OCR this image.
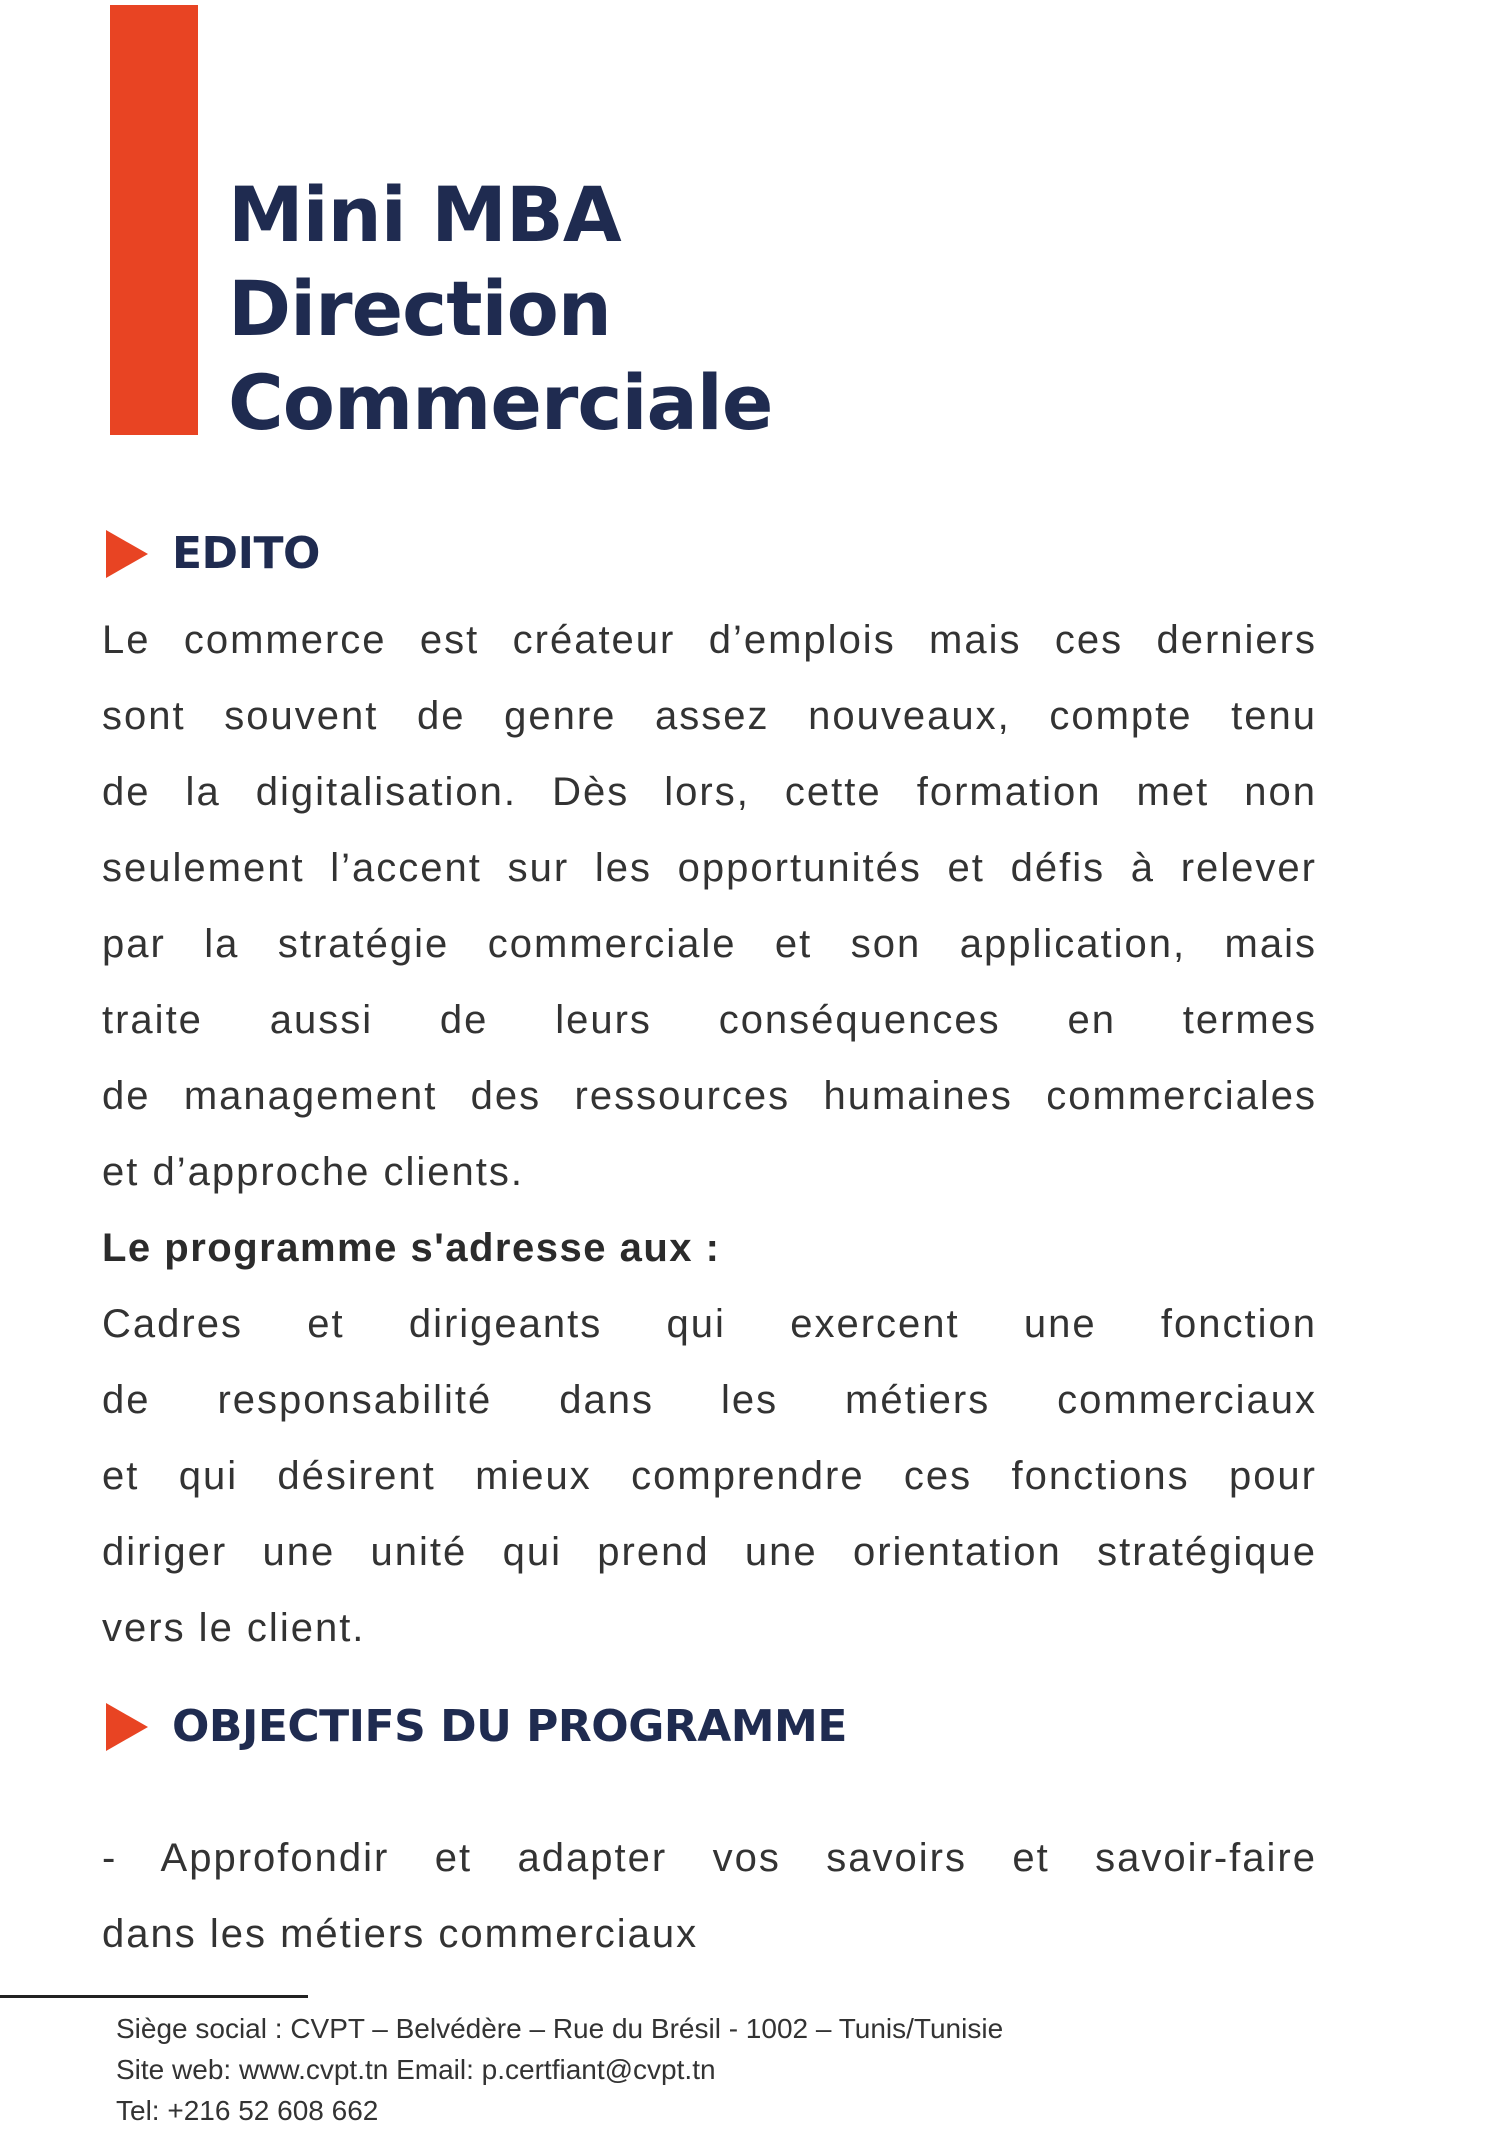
Mini MBA
Direction
Commerciale
EDITO
Le commerce est créateur d’emplois mais ces derniers
sont souvent de genre assez nouveaux, compte tenu
de la digitalisation. Dès lors, cette formation met non
seulement l’accent sur les opportunités et défis à relever
par la stratégie commerciale et son application, mais
traite aussi de leurs conséquences en termes
de management des ressources humaines commerciales
et d’approche clients.
Le programme s'adresse aux :
Cadres et dirigeants qui exercent une fonction
de responsabilité dans les métiers commerciaux
et qui désirent mieux comprendre ces fonctions pour
diriger une unité qui prend une orientation stratégique
vers le client.
OBJECTIFS DU PROGRAMME
- Approfondir et adapter vos savoirs et savoir-faire
dans les métiers commerciaux
Siège social : CVPT – Belvédère – Rue du Brésil - 1002 – Tunis/Tunisie
Site web: www.cvpt.tn Email: p.certfiant@cvpt.tn
Tel: +216 52 608 662
